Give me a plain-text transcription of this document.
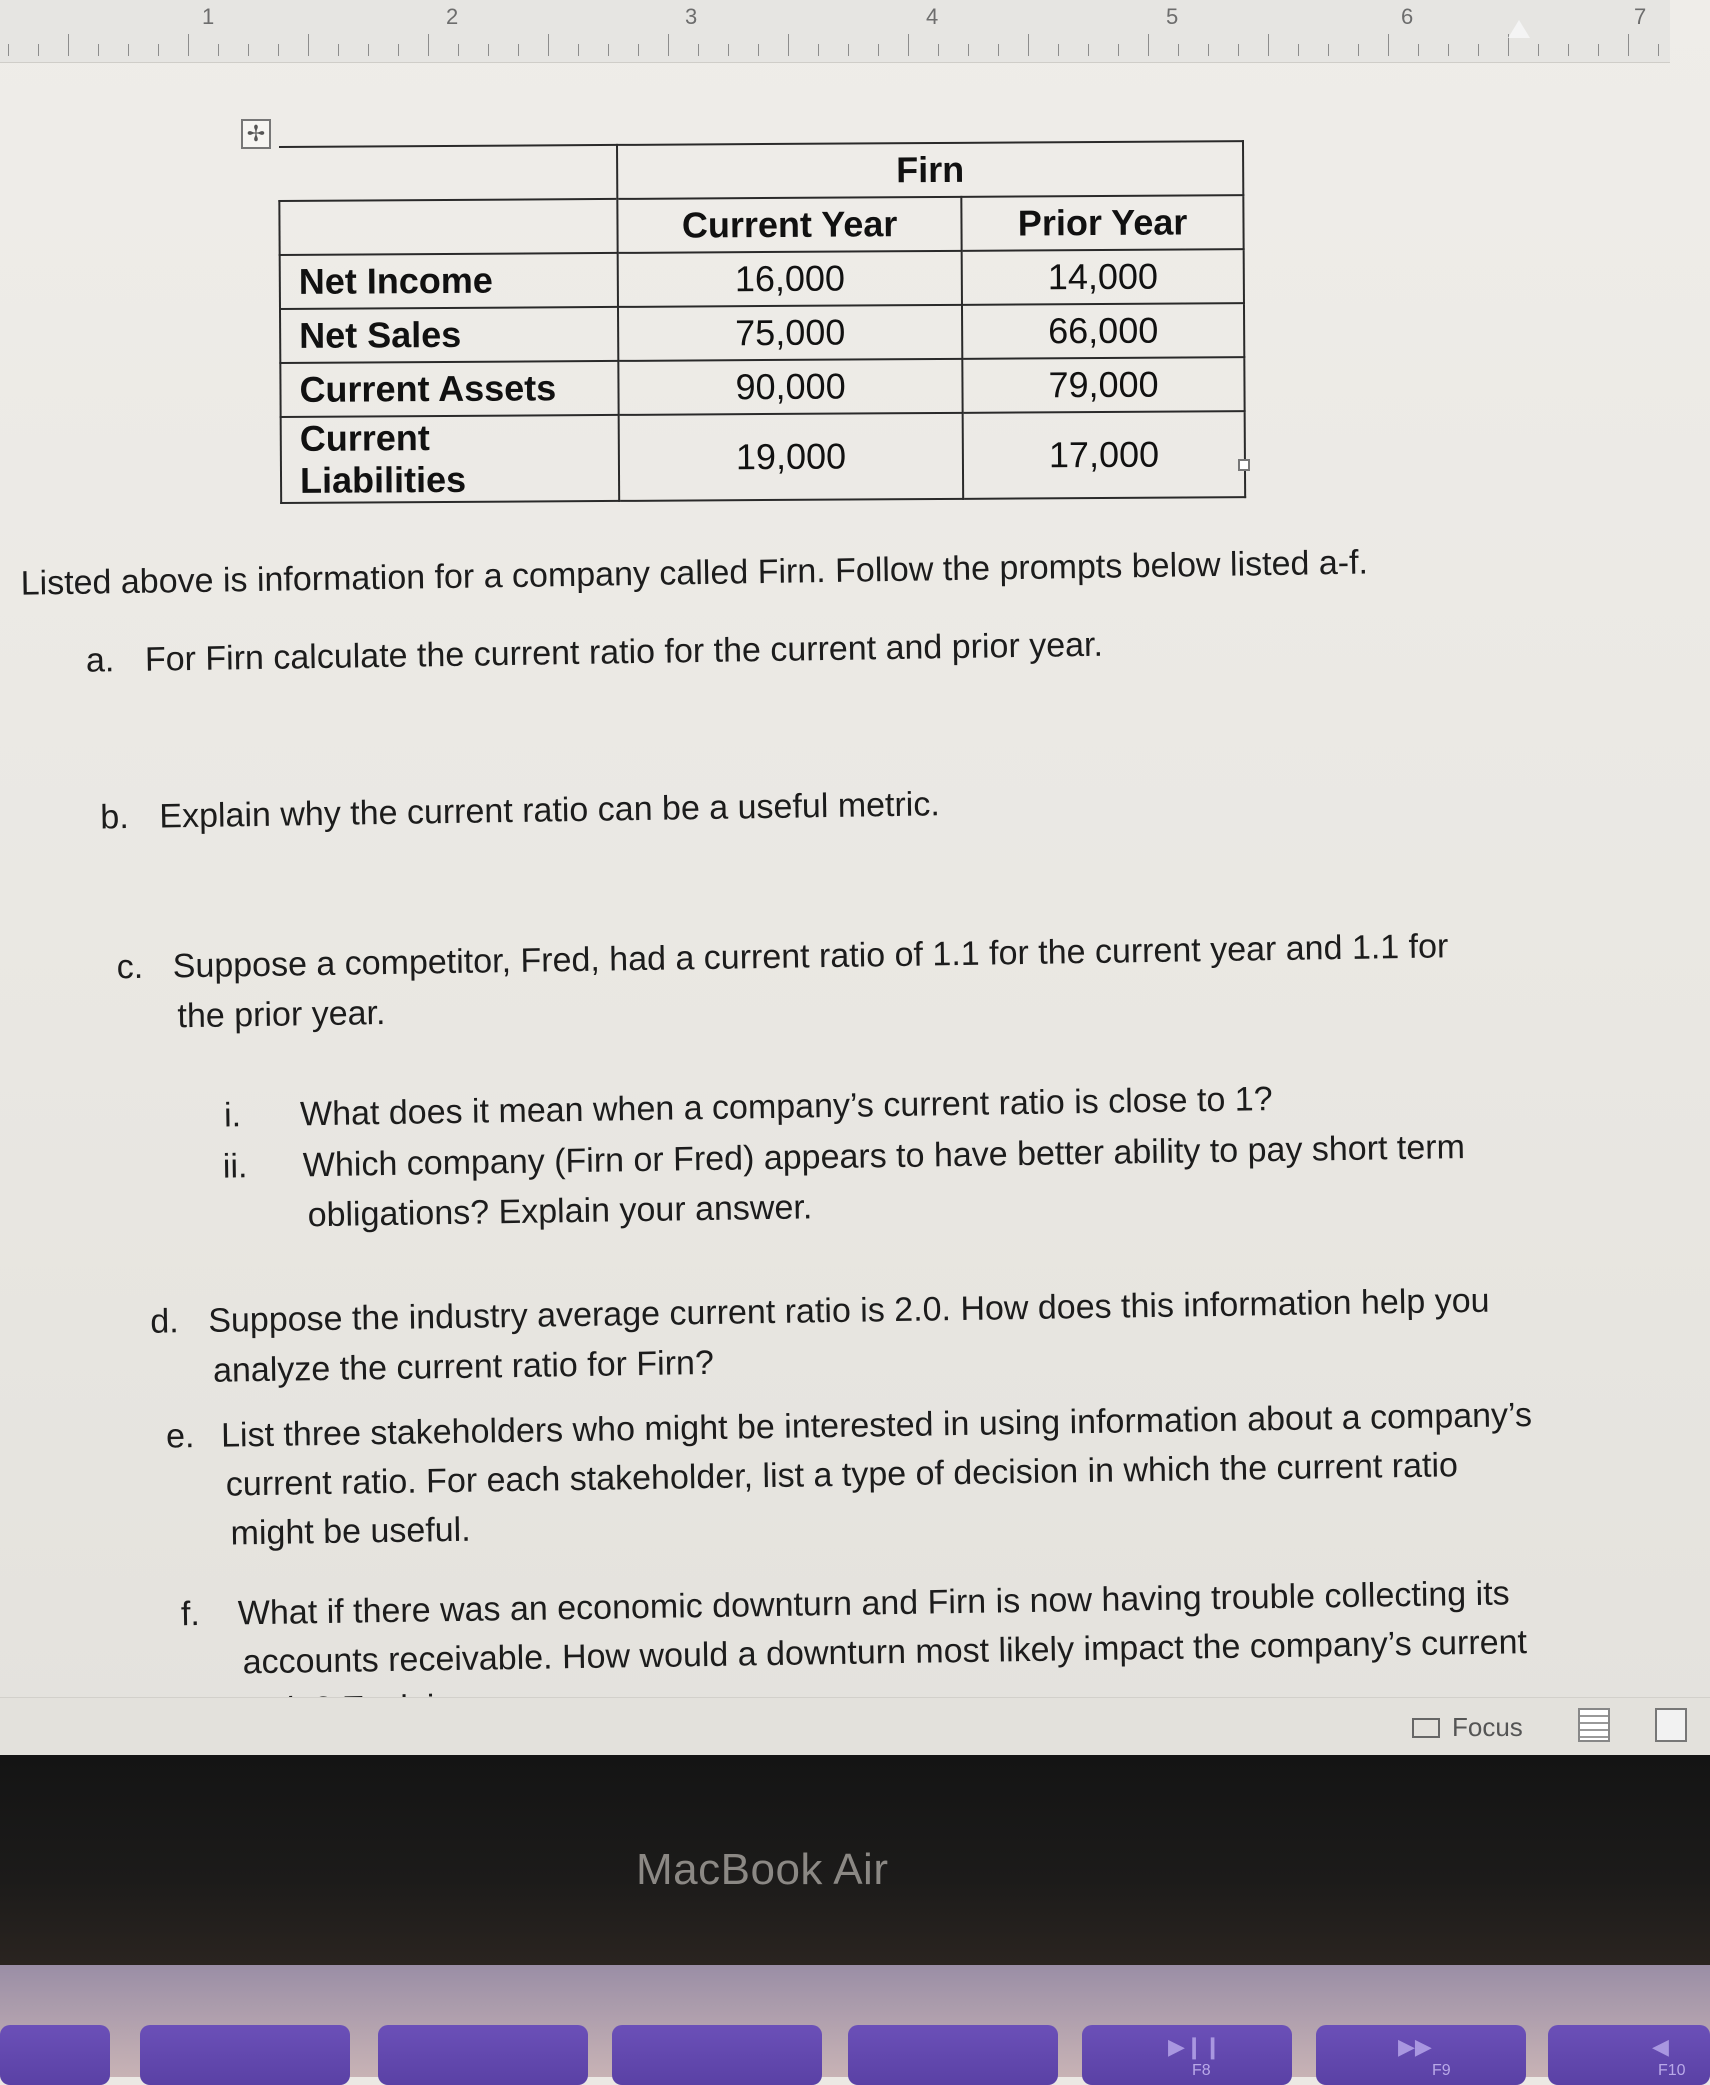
1	2	3	4	5	6	7
✢
	Firn	
	Current Year	Prior Year
Net Income	16,000	14,000
Net Sales	75,000	66,000
Current Assets	90,000	79,000
Current Liabilities	19,000	17,000
Listed above is information for a company called Firn. Follow the prompts below listed a-f.
a. For Firn calculate the current ratio for the current and prior year.
b. Explain why the current ratio can be a useful metric.
c. Suppose a competitor, Fred, had a current ratio of 1.1 for the current year and 1.1 for
the prior year.
i. What does it mean when a company’s current ratio is close to 1?
ii. Which company (Firn or Fred) appears to have better ability to pay short term
obligations? Explain your answer.
d. Suppose the industry average current ratio is 2.0. How does this information help you
analyze the current ratio for Firn?
e. List three stakeholders who might be interested in using information about a company’s
current ratio. For each stakeholder, list a type of decision in which the current ratio
might be useful.
f. What if there was an economic downturn and Firn is now having trouble collecting its
accounts receivable. How would a downturn most likely impact the company’s current
Focus
MacBook Air
▶❙❙
F8
▶▶
F9
◀
F10
